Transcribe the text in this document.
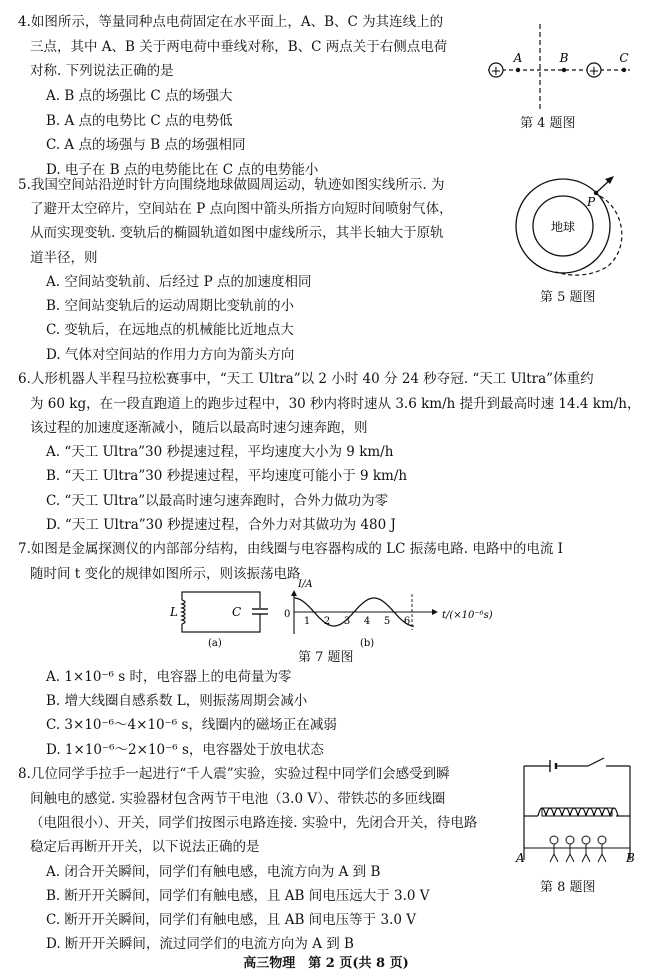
4.如图所示，等量同种点电荷固定在水平面上，A、B、C 为其连线上的
三点，其中 A、B 关于两电荷中垂线对称，B、C 两点关于右侧点电荷
对称. 下列说法正确的是
A. B 点的场强比 C 点的场强大
B. A 点的电势比 C 点的电势低
C. A 点的场强与 B 点的场强相同
D. 电子在 B 点的电势能比在 C 点的电势能小
+	+
A	B	C
第 4 题图
5.我国空间站沿逆时针方向围绕地球做圆周运动，轨迹如图实线所示. 为
了避开太空碎片，空间站在 P 点向图中箭头所指方向短时间喷射气体，
从而实现变轨. 变轨后的椭圆轨道如图中虚线所示，其半长轴大于原轨
道半径，则
A. 空间站变轨前、后经过 P 点的加速度相同
B. 空间站变轨后的运动周期比变轨前的小
C. 变轨后，在远地点的机械能比近地点大
D. 气体对空间站的作用力方向为箭头方向
地球
P
第 5 题图
6.人形机器人半程马拉松赛事中，“天工 Ultra”以 2 小时 40 分 24 秒夺冠. “天工 Ultra”体重约
为 60 kg，在一段直跑道上的跑步过程中，30 秒内将时速从 3.6 km/h 提升到最高时速 14.4 km/h，
该过程的加速度逐渐减小，随后以最高时速匀速奔跑，则
A. “天工 Ultra”30 秒提速过程，平均速度大小为 9 km/h
B. “天工 Ultra”30 秒提速过程，平均速度可能小于 9 km/h
C. “天工 Ultra”以最高时速匀速奔跑时，合外力做功为零
D. “天工 Ultra”30 秒提速过程，合外力对其做功为 480 J
7.如图是金属探测仪的内部部分结构，由线圈与电容器构成的 LC 振荡电路. 电路中的电流 I
随时间 t 变化的规律如图所示，则该振荡电路
L	C
(a)
I/A
0
1 2 3 4 5 6
t/(×10⁻⁶s)
(b)
第 7 题图
A. 1×10⁻⁶ s 时，电容器上的电荷量为零
B. 增大线圈自感系数 L，则振荡周期会减小
C. 3×10⁻⁶～4×10⁻⁶ s，线圈内的磁场正在减弱
D. 1×10⁻⁶～2×10⁻⁶ s，电容器处于放电状态
8.几位同学手拉手一起进行“千人震”实验，实验过程中同学们会感受到瞬
间触电的感觉. 实验器材包含两节干电池（3.0 V）、带铁芯的多匝线圈
（电阻很小）、开关，同学们按图示电路连接. 实验中，先闭合开关，待电路
稳定后再断开开关，以下说法正确的是
A. 闭合开关瞬间，同学们有触电感，电流方向为 A 到 B
B. 断开开关瞬间，同学们有触电感，且 AB 间电压远大于 3.0 V
C. 断开开关瞬间，同学们有触电感，且 AB 间电压等于 3.0 V
D. 断开开关瞬间，流过同学们的电流方向为 A 到 B
A	B
第 8 题图
高三物理　第 2 页(共 8 页)
